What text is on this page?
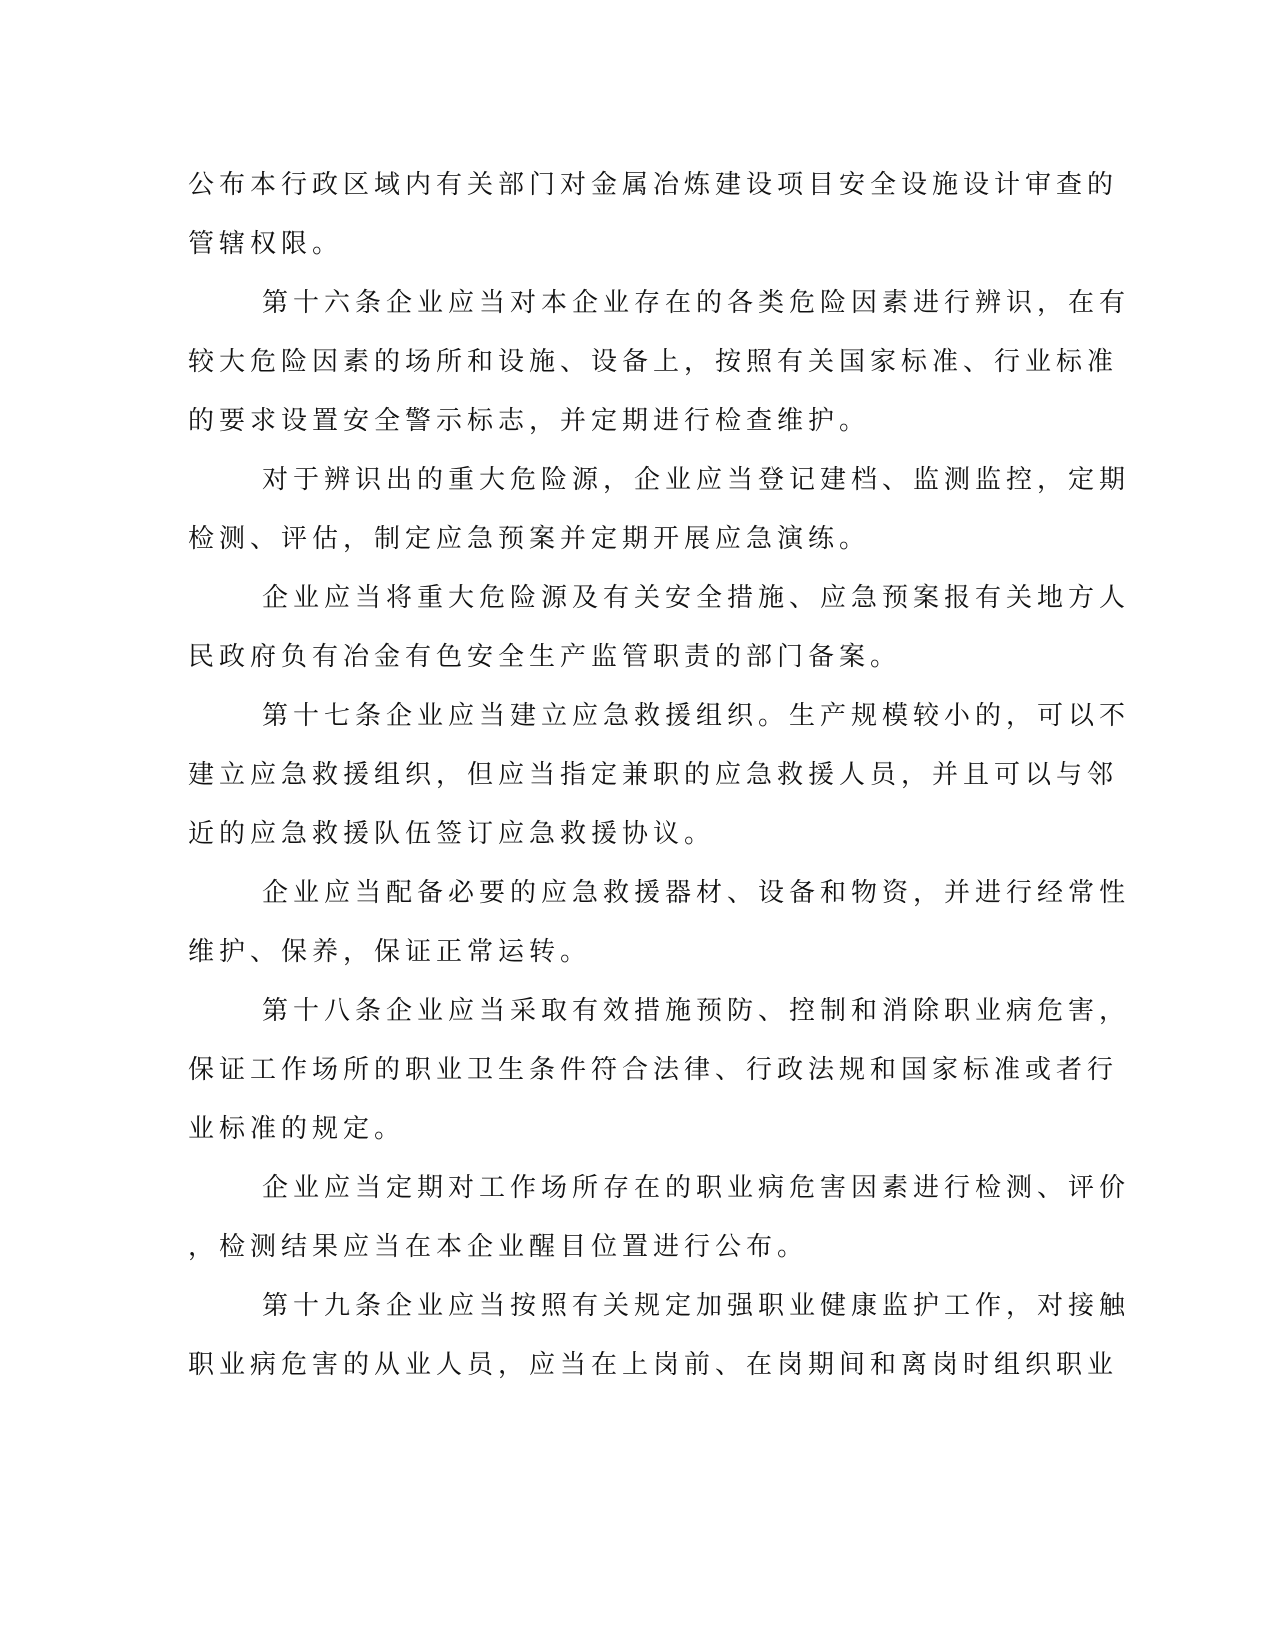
公布本行政区域内有关部门对金属冶炼建设项目安全设施设计审查的
管辖权限。
第十六条企业应当对本企业存在的各类危险因素进行辨识，在有
较大危险因素的场所和设施、设备上，按照有关国家标准、行业标准
的要求设置安全警示标志，并定期进行检查维护。
对于辨识出的重大危险源，企业应当登记建档、监测监控，定期
检测、评估，制定应急预案并定期开展应急演练。
企业应当将重大危险源及有关安全措施、应急预案报有关地方人
民政府负有冶金有色安全生产监管职责的部门备案。
第十七条企业应当建立应急救援组织。生产规模较小的，可以不
建立应急救援组织，但应当指定兼职的应急救援人员，并且可以与邻
近的应急救援队伍签订应急救援协议。
企业应当配备必要的应急救援器材、设备和物资，并进行经常性
维护、保养，保证正常运转。
第十八条企业应当采取有效措施预防、控制和消除职业病危害，
保证工作场所的职业卫生条件符合法律、行政法规和国家标准或者行
业标准的规定。
企业应当定期对工作场所存在的职业病危害因素进行检测、评价
，检测结果应当在本企业醒目位置进行公布。
第十九条企业应当按照有关规定加强职业健康监护工作，对接触
职业病危害的从业人员，应当在上岗前、在岗期间和离岗时组织职业
